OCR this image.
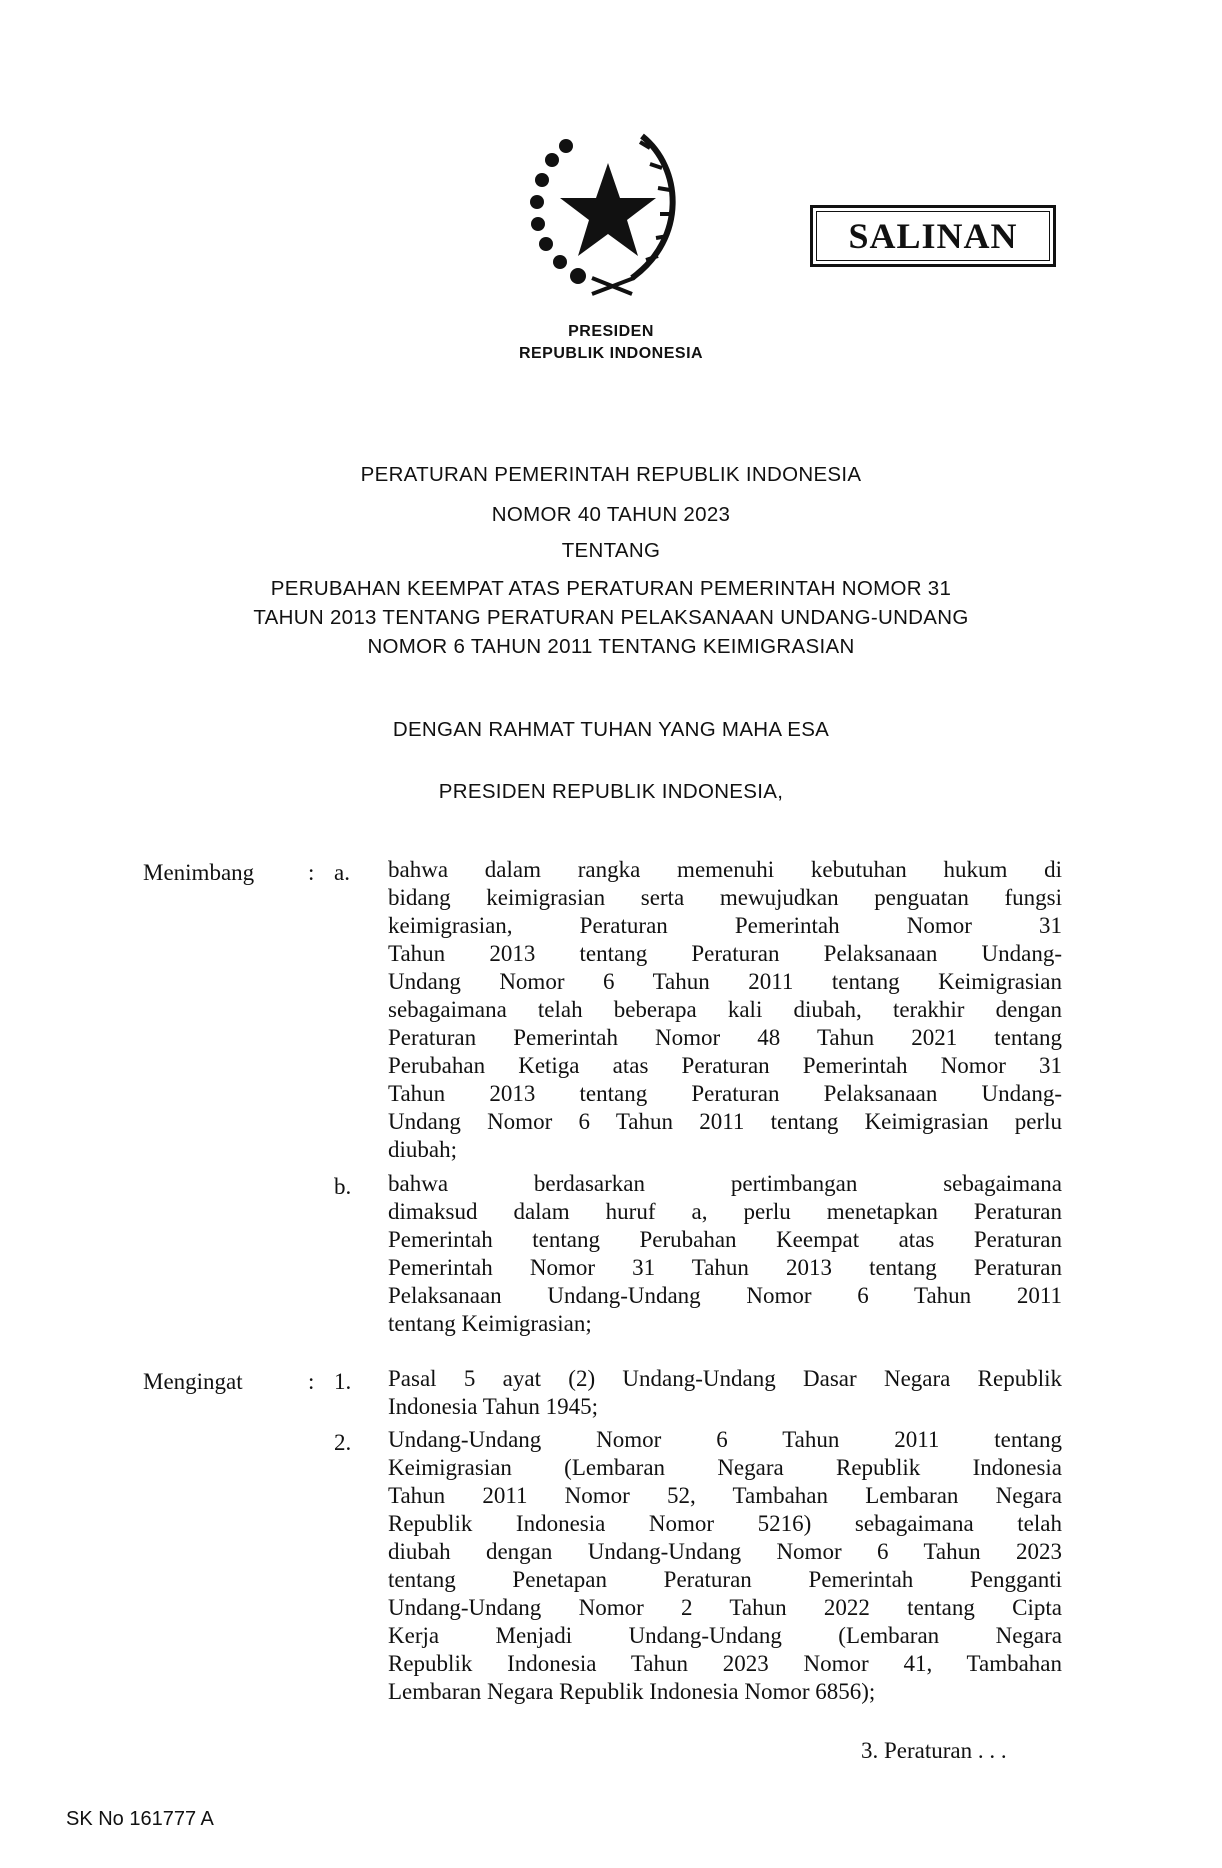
SALINAN
PRESIDEN
REPUBLIK INDONESIA
PERATURAN PEMERINTAH REPUBLIK INDONESIA
NOMOR 40 TAHUN 2023
TENTANG
PERUBAHAN KEEMPAT ATAS PERATURAN PEMERINTAH NOMOR 31
TAHUN 2013 TENTANG PERATURAN PELAKSANAAN UNDANG-UNDANG
NOMOR 6 TAHUN 2011 TENTANG KEIMIGRASIAN
DENGAN RAHMAT TUHAN YANG MAHA ESA
PRESIDEN REPUBLIK INDONESIA,
Menimbang : a. bahwa dalam rangka memenuhi kebutuhan hukum di
bidang keimigrasian serta mewujudkan penguatan fungsi
keimigrasian, Peraturan Pemerintah Nomor 31
Tahun 2013 tentang Peraturan Pelaksanaan Undang-
Undang Nomor 6 Tahun 2011 tentang Keimigrasian
sebagaimana telah beberapa kali diubah, terakhir dengan
Peraturan Pemerintah Nomor 48 Tahun 2021 tentang
Perubahan Ketiga atas Peraturan Pemerintah Nomor 31
Tahun 2013 tentang Peraturan Pelaksanaan Undang-
Undang Nomor 6 Tahun 2011 tentang Keimigrasian perlu
diubah;
b. bahwa berdasarkan pertimbangan sebagaimana
dimaksud dalam huruf a, perlu menetapkan Peraturan
Pemerintah tentang Perubahan Keempat atas Peraturan
Pemerintah Nomor 31 Tahun 2013 tentang Peraturan
Pelaksanaan Undang-Undang Nomor 6 Tahun 2011
tentang Keimigrasian;
Mengingat	: 1. Pasal 5 ayat (2) Undang-Undang Dasar Negara Republik
Indonesia Tahun 1945;
2. Undang-Undang Nomor 6 Tahun 2011 tentang
Keimigrasian (Lembaran Negara Republik Indonesia
Tahun 2011 Nomor 52, Tambahan Lembaran Negara
Republik Indonesia Nomor 5216) sebagaimana telah
diubah dengan Undang-Undang Nomor 6 Tahun 2023
tentang Penetapan Peraturan Pemerintah Pengganti
Undang-Undang Nomor 2 Tahun 2022 tentang Cipta
Kerja Menjadi Undang-Undang (Lembaran Negara
Republik Indonesia Tahun 2023 Nomor 41, Tambahan
Lembaran Negara Republik Indonesia Nomor 6856);
3. Peraturan . . .
SK No 161777 A
